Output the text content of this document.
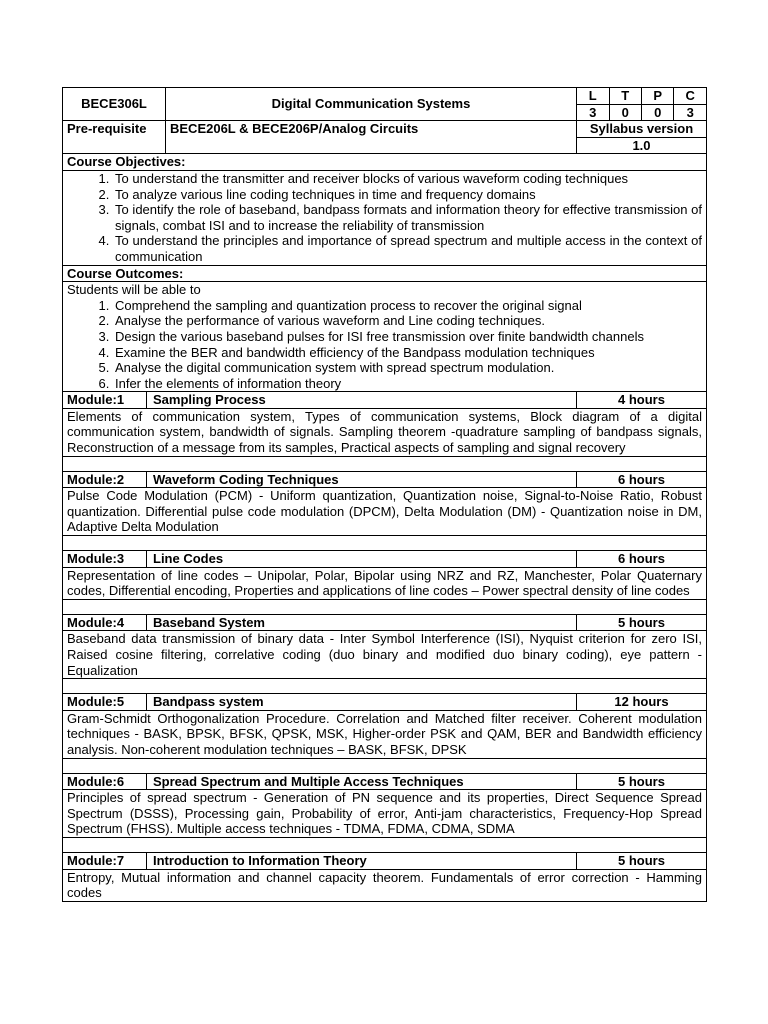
BECE306L	Digital Communication Systems	
L	T	P	C
3	0	0	3

Pre-requisite	BECE206L & BECE206P/Analog Circuits	Syllabus version
1.0
Course Objectives:

1. To understand the transmitter and receiver blocks of various waveform coding techniques
2. To analyze various line coding techniques in time and frequency domains
3. To identify the role of baseband, bandpass formats and information theory for effective transmission of signals, combat ISI and to increase the reliability of transmission
4. To understand the principles and importance of spread spectrum and multiple access in the context of communication

Course Outcomes:

Students will be able to
1. Comprehend the sampling and quantization process to recover the original signal
2. Analyse the performance of various waveform and Line coding techniques.
3. Design the various baseband pulses for ISI free transmission over finite bandwidth channels
4. Examine the BER and bandwidth efficiency of the Bandpass modulation techniques
5. Analyse the digital communication system with spread spectrum modulation.
6. Infer the elements of information theory

Module:1	Sampling Process	4 hours
Elements of communication system, Types of communication systems, Block diagram of a digital communication system, bandwidth of signals. Sampling theorem -quadrature sampling of bandpass signals, Reconstruction of a message from its samples, Practical aspects of sampling and signal recovery

Module:2	Waveform Coding Techniques	6 hours
Pulse Code Modulation (PCM) - Uniform quantization, Quantization noise, Signal-to-Noise Ratio, Robust quantization. Differential pulse code modulation (DPCM), Delta Modulation (DM) - Quantization noise in DM, Adaptive Delta Modulation

Module:3	Line Codes	6 hours
Representation of line codes – Unipolar, Polar, Bipolar using NRZ and RZ, Manchester, Polar Quaternary codes, Differential encoding, Properties and applications of line codes – Power spectral density of line codes

Module:4	Baseband System	5 hours
Baseband data transmission of binary data - Inter Symbol Interference (ISI), Nyquist criterion for zero ISI, Raised cosine filtering, correlative coding (duo binary and modified duo binary coding), eye pattern - Equalization

Module:5	Bandpass system	12 hours
Gram-Schmidt Orthogonalization Procedure. Correlation and Matched filter receiver. Coherent modulation techniques - BASK, BPSK, BFSK, QPSK, MSK, Higher-order PSK and QAM, BER and Bandwidth efficiency analysis. Non-coherent modulation techniques – BASK, BFSK, DPSK

Module:6	Spread Spectrum and Multiple Access Techniques	5 hours
Principles of spread spectrum - Generation of PN sequence and its properties, Direct Sequence Spread Spectrum (DSSS), Processing gain, Probability of error, Anti-jam characteristics, Frequency-Hop Spread Spectrum (FHSS). Multiple access techniques - TDMA, FDMA, CDMA, SDMA

Module:7	Introduction to Information Theory	5 hours
Entropy, Mutual information and channel capacity theorem. Fundamentals of error correction - Hamming codes
